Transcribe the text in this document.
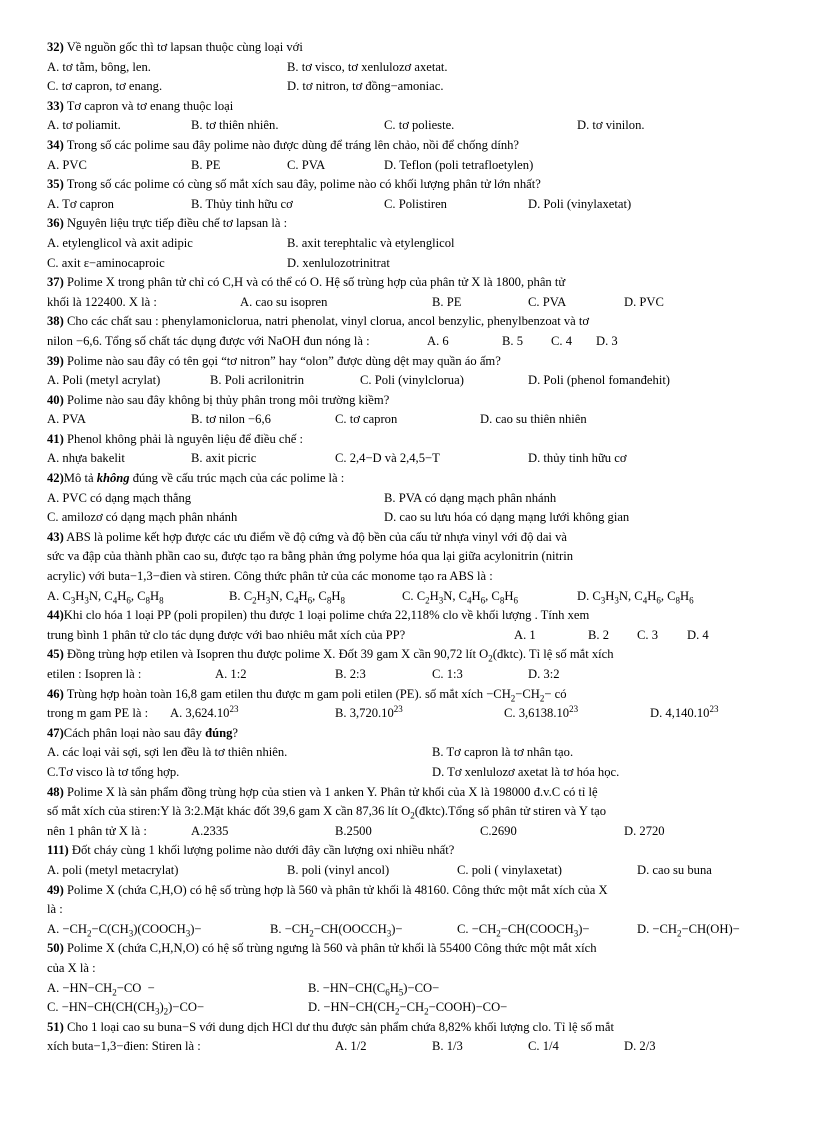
32) Về nguồn gốc thì tơ lapsan thuộc cùng loại với
A. tơ tằm, bông, len.	B. tơ visco, tơ xenlulozơ axetat.
C. tơ capron, tơ enang.	D. tơ nitron, tơ đồng−amoniac.
33) Tơ capron và tơ enang thuộc loại
A. tơ poliamit.	B. tơ thiên nhiên.	C. tơ polieste.	D. tơ vinilon.
34) Trong số các polime sau đây polime nào được dùng để tráng lên chảo, nồi để chống dính?
A. PVC	B. PE	C. PVA	D. Teflon (poli tetrafloetylen)
35) Trong số các polime có cùng số mắt xích sau đây, polime nào có khối lượng phân tử lớn nhất?
A. Tơ capron	B. Thủy tinh hữu cơ	C. Polistiren	D. Poli (vinylaxetat)
36) Nguyên liệu trực tiếp điều chế tơ lapsan là :
A. etylenglicol và axit adipic	B. axit terephtalic và etylenglicol
C. axit ε−aminocaproic	D. xenlulozotrinitrat
37) Polime X trong phân tử chỉ có C,H và có thể có O. Hệ số trùng hợp của phân tử X là 1800, phân tử
khối là 122400. X là :	A. cao su isopren	B. PE	C. PVA	D. PVC
38) Cho các chất sau : phenylamoniclorua, natri phenolat, vinyl clorua, ancol benzylic, phenylbenzoat và tơ
nilon −6,6. Tổng số chất tác dụng được với NaOH đun nóng là :	A. 6	B. 5 C. 4 D. 3
39) Polime nào sau đây có tên gọi “tơ nitron” hay “olon” được dùng dệt may quần áo ấm?
A. Poli (metyl acrylat)	B. Poli acrilonitrin	C. Poli (vinylclorua)	D. Poli (phenol fomanđehit)
40) Polime nào sau đây không bị thủy phân trong môi trường kiềm?
A. PVA	B. tơ nilon −6,6	C. tơ capron	D. cao su thiên nhiên
41) Phenol không phải là nguyên liệu để điều chế :
A. nhựa bakelit	B. axit picric	C. 2,4−D và 2,4,5−T	D. thủy tinh hữu cơ
42)Mô tả không đúng về cấu trúc mạch của các polime là :
A. PVC có dạng mạch thẳng	B. PVA có dạng mạch phân nhánh
C. amilozơ có dạng mạch phân nhánh	D. cao su lưu hóa có dạng mạng lưới không gian
43) ABS là polime kết hợp được các ưu điểm về độ cứng và độ bền của cấu tử nhựa vinyl với độ dai và
sức va đập của thành phần cao su, được tạo ra bằng phản ứng polyme hóa qua lại giữa acylonitrin (nitrin
acrylic) với buta−1,3−đien và stiren. Công thức phân tử của các monome tạo ra ABS là :
A. $C_3H_3N$, $C_4H_6$, $C_8H_8$	B. $C_2H_3N$, $C_4H_6$, $C_8H_8$	C. $C_2H_3N$, $C_4H_6$, $C_8H_6$	D. $C_3H_3N$, $C_4H_6$, $C_8H_6$
44)Khi clo hóa 1 loại PP (poli propilen) thu được 1 loại polime chứa 22,118% clo về khối lượng . Tính xem
trung bình 1 phân tử clo tác dụng được với bao nhiêu mắt xích của PP?	A. 1	B. 2 C. 3 D. 4
45) Đồng trùng hợp etilen và Isopren thu được polime X. Đốt 39 gam X cần 90,72 lít $O_2(đktc)$. Tỉ lệ số mắt xích
etilen : Isopren là :	A. 1:2	B. 2:3	C. 1:3	D. 3:2
46) Trùng hợp hoàn toàn 16,8 gam etilen thu được m gam poli etilen (PE). số mắt xích $-CH_2-CH_2-$ có
trong m gam PE là : A. 3,624.10$^{23}$	B. 3,720.10$^{23}$	C. 3,6138.10$^{23}$	D. 4,140.10$^{23}$
47)Cách phân loại nào sau đây đúng?
A. các loại vải sợi, sợi len đều là tơ thiên nhiên.	B. Tơ capron là tơ nhân tạo.
C.Tơ visco là tơ tổng hợp.	D. Tơ xenlulozơ axetat là tơ hóa học.
48) Polime X là sản phẩm đồng trùng hợp của stien và 1 anken Y. Phân tử khối của X là 198000 đ.v.C có tỉ lệ
số mắt xích của stiren:Y là 3:2.Mặt khác đốt 39,6 gam X cần 87,36 lít $O_2(đktc).Tổng$ số phân tử stiren và Y tạo
nên 1 phân tử X là :	A.2335	B.2500	C.2690	D. 2720
111) Đốt cháy cùng 1 khối lượng polime nào dưới đây cần lượng oxi nhiều nhất?
A. poli (metyl metacrylat)	B. poli (vinyl ancol)	C. poli ( vinylaxetat)	D. cao su buna
49) Polime X (chứa C,H,O) có hệ số trùng hợp là 560 và phân tử khối là 48160. Công thức một mắt xích của X
là :
A. $-CH_2-C(CH_3)(COOCH_3)-$	B. $-CH_2-CH(OOCCH_3)-$	C. $-CH_2-CH(COOCH_3)-$	D. $-CH_2-CH(OH)-$
50) Polime X (chứa C,H,N,O) có hệ số trùng ngưng là 560 và phân tử khối là 55400 Công thức một mắt xích
của X là :
A. $-HN-CH_2-CO$  −	B. $-HN-CH(C_6H_5)-CO-$
C. $-HN-CH(CH(CH_3)_2)-CO-$	D. $-HN-CH(CH_2-CH_2-COOH)-CO-$
51) Cho 1 loại cao su buna−S với dung dịch HCl dư thu được sản phẩm chứa 8,82% khối lượng clo. Tỉ lệ số mắt
xích buta−1,3−đien: Stiren là :	A. 1/2	B. 1/3	C. 1/4	D. 2/3
